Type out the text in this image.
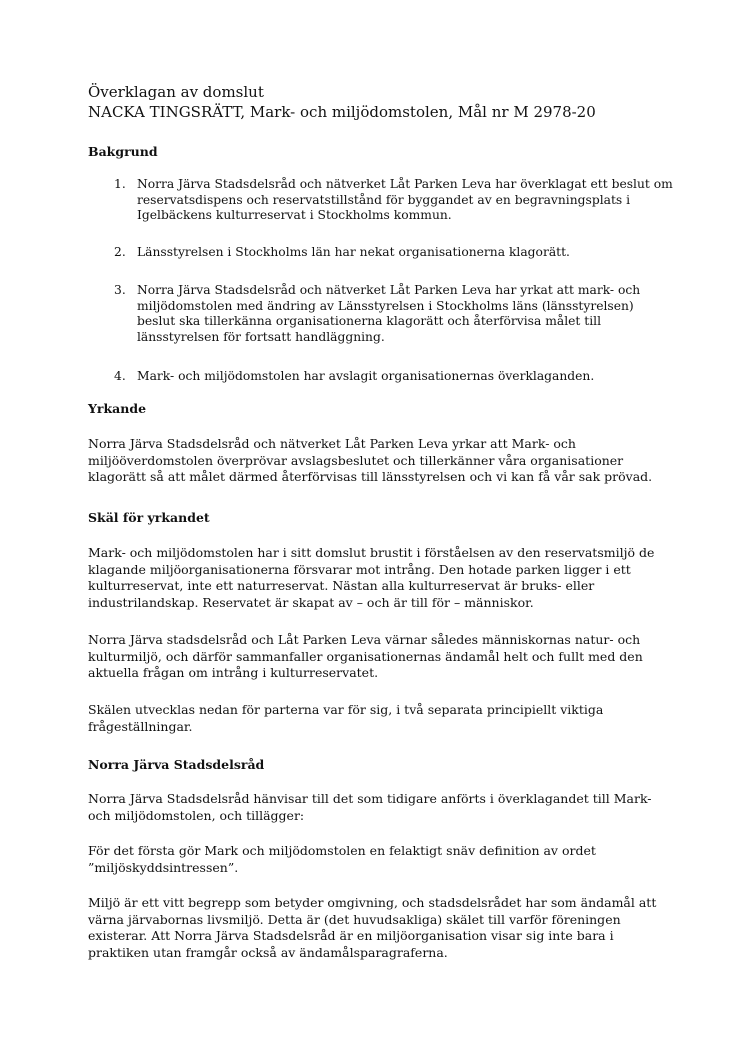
Överklagan av domslut

NACKA TINGSRÄTT, Mark- och miljödomstolen, Mål nr M 2978-20

Bakgrund

1. Norra Järva Stadsdelsråd och nätverket Låt Parken Leva har överklagat ett beslut om reservatsdispens och reservatstillstånd för byggandet av en begravningsplats i Igelbäckens kulturreservat i Stockholms kommun.
2. Länsstyrelsen i Stockholms län har nekat organisationerna klagorätt.
3. Norra Järva Stadsdelsråd och nätverket Låt Parken Leva har yrkat att mark- och miljödomstolen med ändring av Länsstyrelsen i Stockholms läns (länsstyrelsen) beslut ska tillerkänna organisationerna klagorätt och återförvisa målet till länsstyrelsen för fortsatt handläggning.
4. Mark- och miljödomstolen har avslagit organisationernas överklaganden.

Yrkande

Norra Järva Stadsdelsråd och nätverket Låt Parken Leva yrkar att Mark- och miljööverdomstolen överprövar avslagsbeslutet och tillerkänner våra organisationer klagorätt så att målet därmed återförvisas till länsstyrelsen och vi kan få vår sak prövad.

Skäl för yrkandet

Mark- och miljödomstolen har i sitt domslut brustit i förståelsen av den reservatsmiljö de klagande miljöorganisationerna försvarar mot intrång. Den hotade parken ligger i ett kulturreservat, inte ett naturreservat. Nästan alla kulturreservat är bruks- eller industrilandskap. Reservatet är skapat av – och är till för – människor.

Norra Järva stadsdelsråd och Låt Parken Leva värnar således människornas natur- och kulturmiljö, och därför sammanfaller organisationernas ändamål helt och fullt med den aktuella frågan om intrång i kulturreservatet.

Skälen utvecklas nedan för parterna var för sig, i två separata principiellt viktiga frågeställningar.

Norra Järva Stadsdelsråd

Norra Järva Stadsdelsråd hänvisar till det som tidigare anförts i överklagandet till Mark- och miljödomstolen, och tillägger:

För det första gör Mark och miljödomstolen en felaktigt snäv definition av ordet ”miljöskyddsintressen”.

Miljö är ett vitt begrepp som betyder omgivning, och stadsdelsrådet har som ändamål att värna järvabornas livsmiljö. Detta är (det huvudsakliga) skälet till varför föreningen existerar. Att Norra Järva Stadsdelsråd är en miljöorganisation visar sig inte bara i praktiken utan framgår också av ändamålsparagraferna.
